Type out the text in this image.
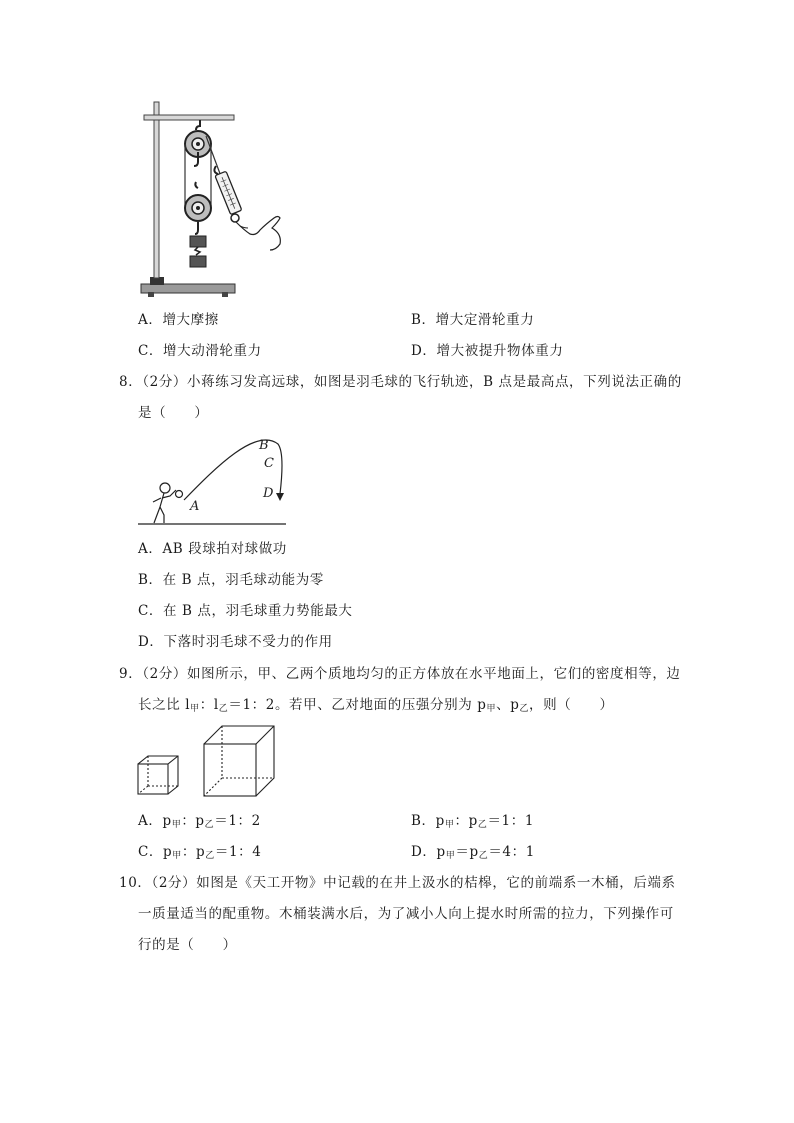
A．增大摩擦	B．增大定滑轮重力
C．增大动滑轮重力	D．增大被提升物体重力
8．（2分）小蒋练习发高远球，如图是羽毛球的飞行轨迹，B 点是最高点，下列说法正确的
是（　　）
A
B
C
D
A．AB 段球拍对球做功
B．在 B 点，羽毛球动能为零
C．在 B 点，羽毛球重力势能最大
D．下落时羽毛球不受力的作用
9．（2分）如图所示，甲、乙两个质地均匀的正方体放在水平地面上，它们的密度相等，边
长之比 $l_甲$：$l_乙=1$：2。若甲、乙对地面的压强分别为 $p_甲$、$p_乙$，则（　　）
A．$p_甲$：$p_乙=1$：2	B．$p_甲$：$p_乙=1$：1
C．$p_甲$：$p_乙=1$：4	D．$p_甲=p_乙=4$：1
10．（2分）如图是《天工开物》中记载的在井上汲水的桔槔，它的前端系一木桶，后端系
一质量适当的配重物。木桶装满水后，为了减小人向上提水时所需的拉力，下列操作可
行的是（　　）
